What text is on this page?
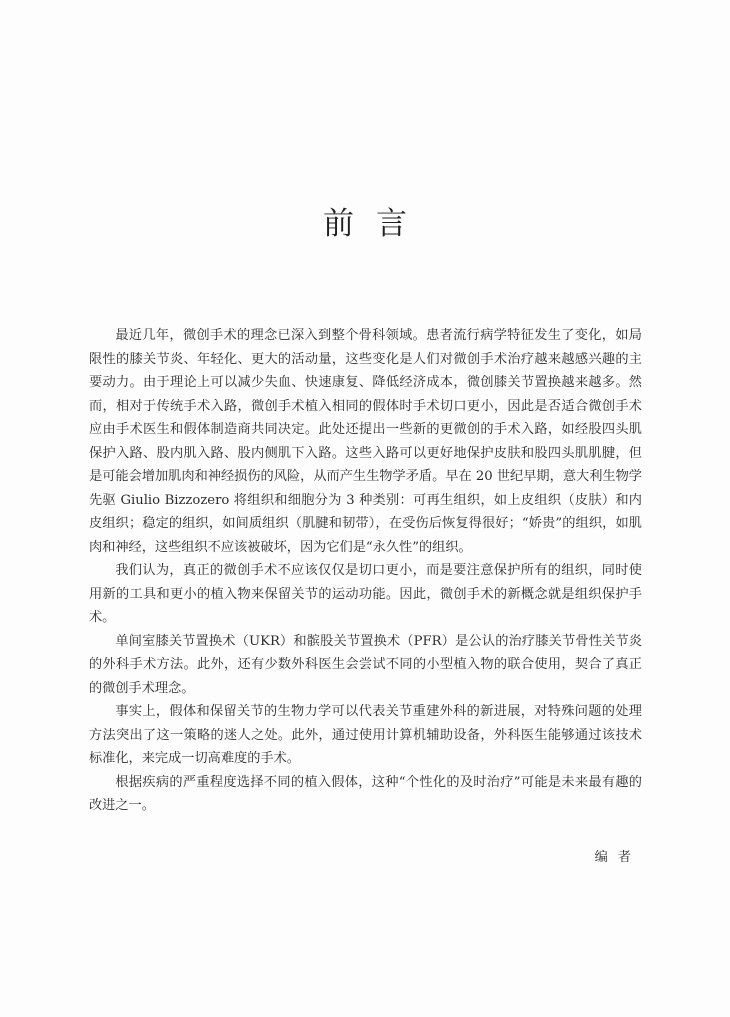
前言

最近几年，微创手术的理念已深入到整个骨科领域。患者流行病学特征发生了变化，如局限性的膝关节炎、年轻化、更大的活动量，这些变化是人们对微创手术治疗越来越感兴趣的主要动力。由于理论上可以减少失血、快速康复、降低经济成本，微创膝关节置换越来越多。然而，相对于传统手术入路，微创手术植入相同的假体时手术切口更小，因此是否适合微创手术应由手术医生和假体制造商共同决定。此处还提出一些新的更微创的手术入路，如经股四头肌保护入路、股内肌入路、股内侧肌下入路。这些入路可以更好地保护皮肤和股四头肌肌腱，但是可能会增加肌肉和神经损伤的风险，从而产生生物学矛盾。早在 20 世纪早期，意大利生物学先驱 Giulio Bizzozero 将组织和细胞分为 3 种类别：可再生组织，如上皮组织（皮肤）和内皮组织；稳定的组织，如间质组织（肌腱和韧带），在受伤后恢复得很好；“娇贵”的组织，如肌肉和神经，这些组织不应该被破坏，因为它们是“永久性”的组织。

我们认为，真正的微创手术不应该仅仅是切口更小，而是要注意保护所有的组织，同时使用新的工具和更小的植入物来保留关节的运动功能。因此，微创手术的新概念就是组织保护手术。

单间室膝关节置换术（UKR）和髌股关节置换术（PFR）是公认的治疗膝关节骨性关节炎的外科手术方法。此外，还有少数外科医生会尝试不同的小型植入物的联合使用，契合了真正的微创手术理念。

事实上，假体和保留关节的生物力学可以代表关节重建外科的新进展，对特殊问题的处理方法突出了这一策略的迷人之处。此外，通过使用计算机辅助设备，外科医生能够通过该技术标准化，来完成一切高难度的手术。

根据疾病的严重程度选择不同的植入假体，这种“个性化的及时治疗”可能是未来最有趣的改进之一。

编者
